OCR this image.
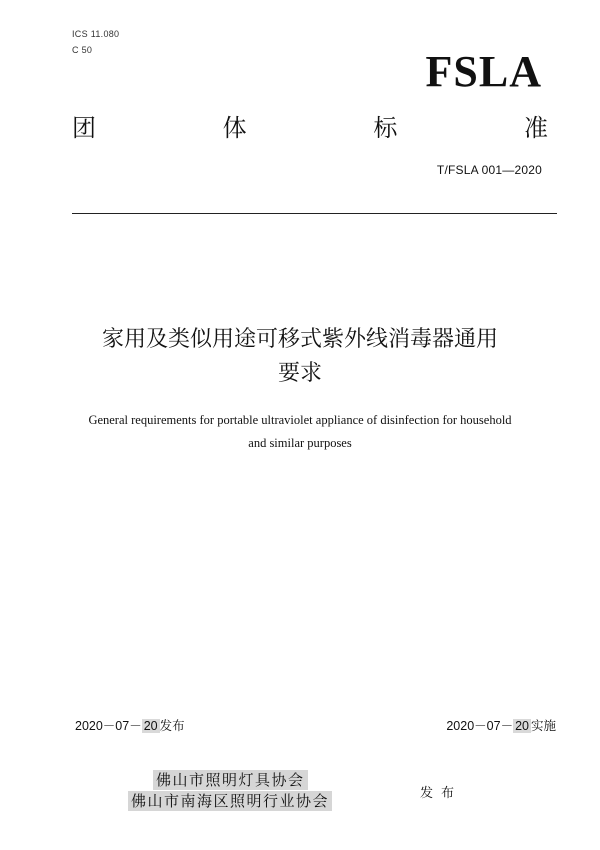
ICS 11.080
C 50	FSLA
团	体	标	准
T/FSLA 001—2020
家用及类似用途可移式紫外线消毒器通用
要求
General requirements for portable ultraviolet appliance of disinfection for household
and similar purposes
2020－07－ 20 发布	2020－07－ 20 实施
佛山市照明灯具协会
佛山市南海区照明行业协会	发布
